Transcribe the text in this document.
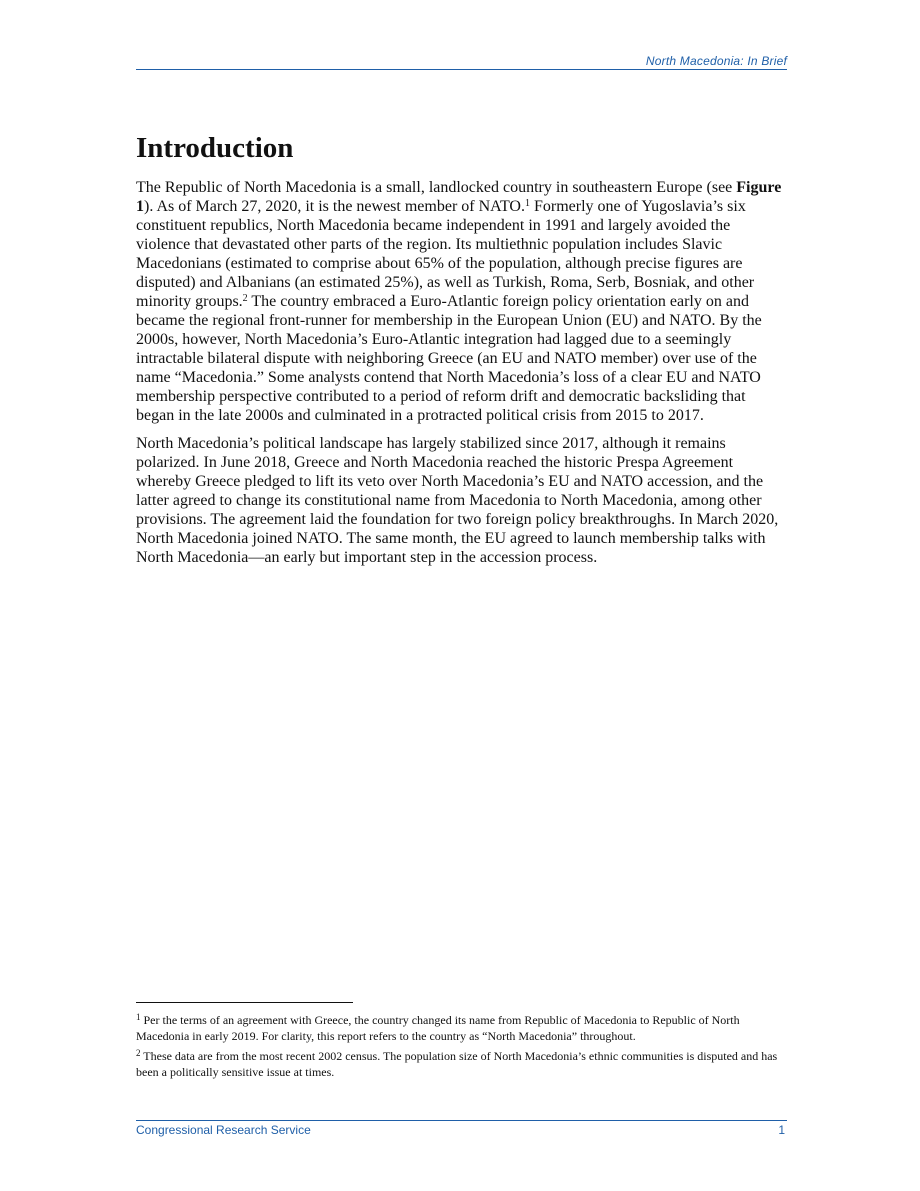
North Macedonia: In Brief
Introduction

The Republic of North Macedonia is a small, landlocked country in southeastern Europe (see Figure 1). As of March 27, 2020, it is the newest member of NATO.$^1$ Formerly one of Yugoslavia’s six constituent republics, North Macedonia became independent in 1991 and largely avoided the violence that devastated other parts of the region. Its multiethnic population includes Slavic Macedonians (estimated to comprise about 65% of the population, although precise figures are disputed) and Albanians (an estimated 25%), as well as Turkish, Roma, Serb, Bosniak, and other minority groups.$^2$ The country embraced a Euro-Atlantic foreign policy orientation early on and became the regional front-runner for membership in the European Union (EU) and NATO. By the 2000s, however, North Macedonia’s Euro-Atlantic integration had lagged due to a seemingly intractable bilateral dispute with neighboring Greece (an EU and NATO member) over use of the name “Macedonia.” Some analysts contend that North Macedonia’s loss of a clear EU and NATO membership perspective contributed to a period of reform drift and democratic backsliding that began in the late 2000s and culminated in a protracted political crisis from 2015 to 2017.

North Macedonia’s political landscape has largely stabilized since 2017, although it remains polarized. In June 2018, Greece and North Macedonia reached the historic Prespa Agreement whereby Greece pledged to lift its veto over North Macedonia’s EU and NATO accession, and the latter agreed to change its constitutional name from Macedonia to North Macedonia, among other provisions. The agreement laid the foundation for two foreign policy breakthroughs. In March 2020, North Macedonia joined NATO. The same month, the EU agreed to launch membership talks with North Macedonia—an early but important step in the accession process.

$^1$ Per the terms of an agreement with Greece, the country changed its name from Republic of Macedonia to Republic of North Macedonia in early 2019. For clarity, this report refers to the country as “North Macedonia” throughout.

$^2$ These data are from the most recent 2002 census. The population size of North Macedonia’s ethnic communities is disputed and has been a politically sensitive issue at times.

Congressional Research Service	1
